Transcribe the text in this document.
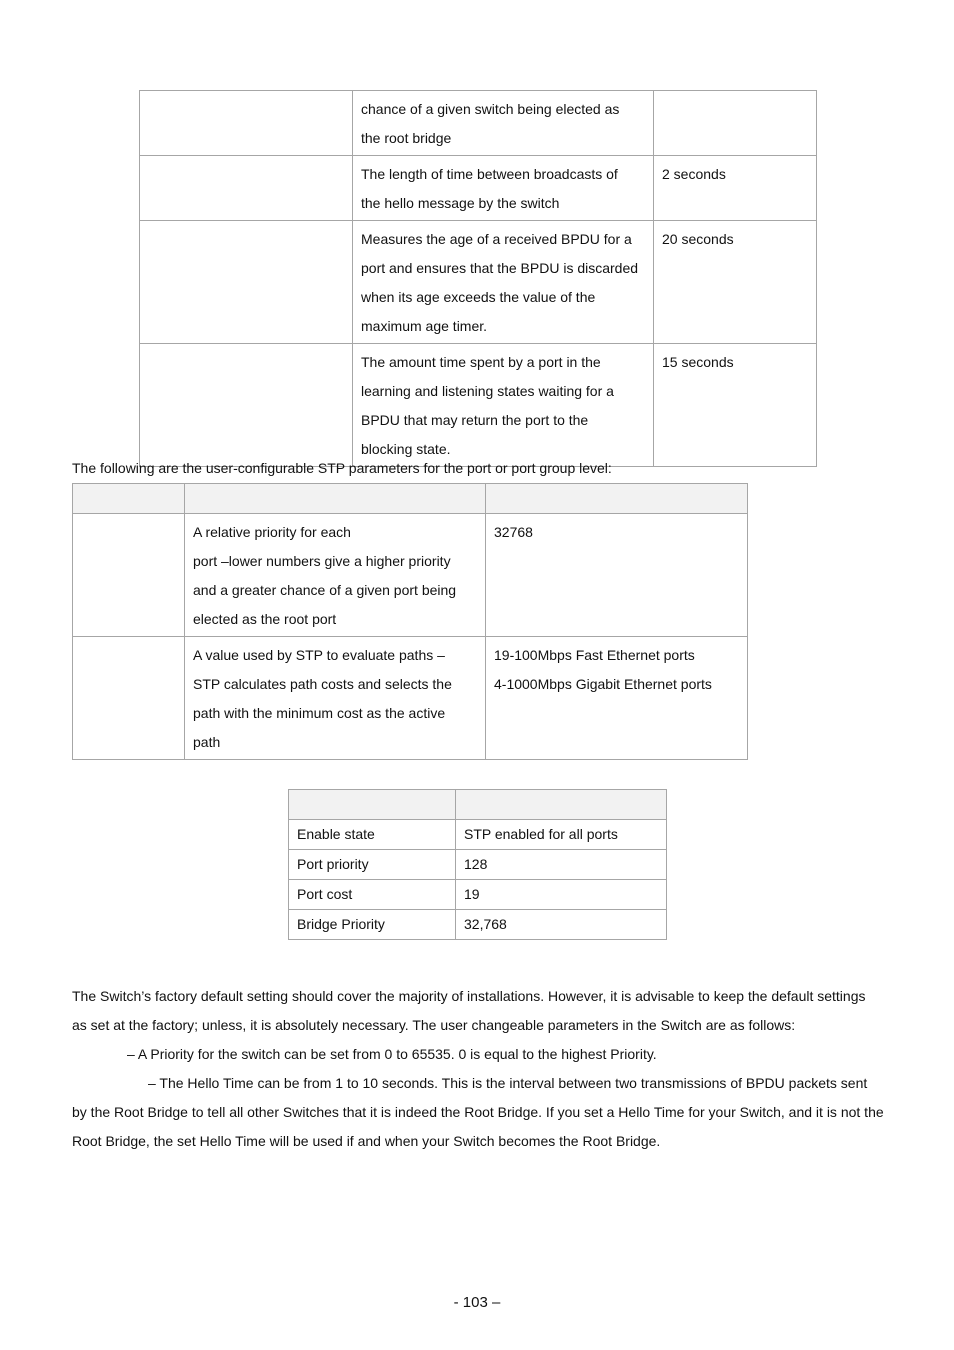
	chance of a given switch being elected as
the root bridge	
	The length of time between broadcasts of
the hello message by the switch	2 seconds
	Measures the age of a received BPDU for a
port and ensures that the BPDU is discarded
when its age exceeds the value of the
maximum age timer.	20 seconds
	The amount time spent by a port in the
learning and listening states waiting for a
BPDU that may return the port to the
blocking state.	15 seconds

The following are the user-configurable STP parameters for the port or port group level:

	A relative priority for each
port –lower numbers give a higher priority
and a greater chance of a given port being
elected as the root port	32768
	A value used by STP to evaluate paths –
STP calculates path costs and selects the
path with the minimum cost as the active
path	19-100Mbps Fast Ethernet ports
4-1000Mbps Gigabit Ethernet ports

Enable state	STP enabled for all ports
Port priority	128
Port cost	19
Bridge Priority	32,768

The Switch’s factory default setting should cover the majority of installations. However, it is advisable to keep the default settings as set at the factory; unless, it is absolutely necessary. The user changeable parameters in the Switch are as follows:

– A Priority for the switch can be set from 0 to 65535. 0 is equal to the highest Priority.

– The Hello Time can be from 1 to 10 seconds. This is the interval between two transmissions of BPDU packets sent by the Root Bridge to tell all other Switches that it is indeed the Root Bridge. If you set a Hello Time for your Switch, and it is not the Root Bridge, the set Hello Time will be used if and when your Switch becomes the Root Bridge.

- 103 –
